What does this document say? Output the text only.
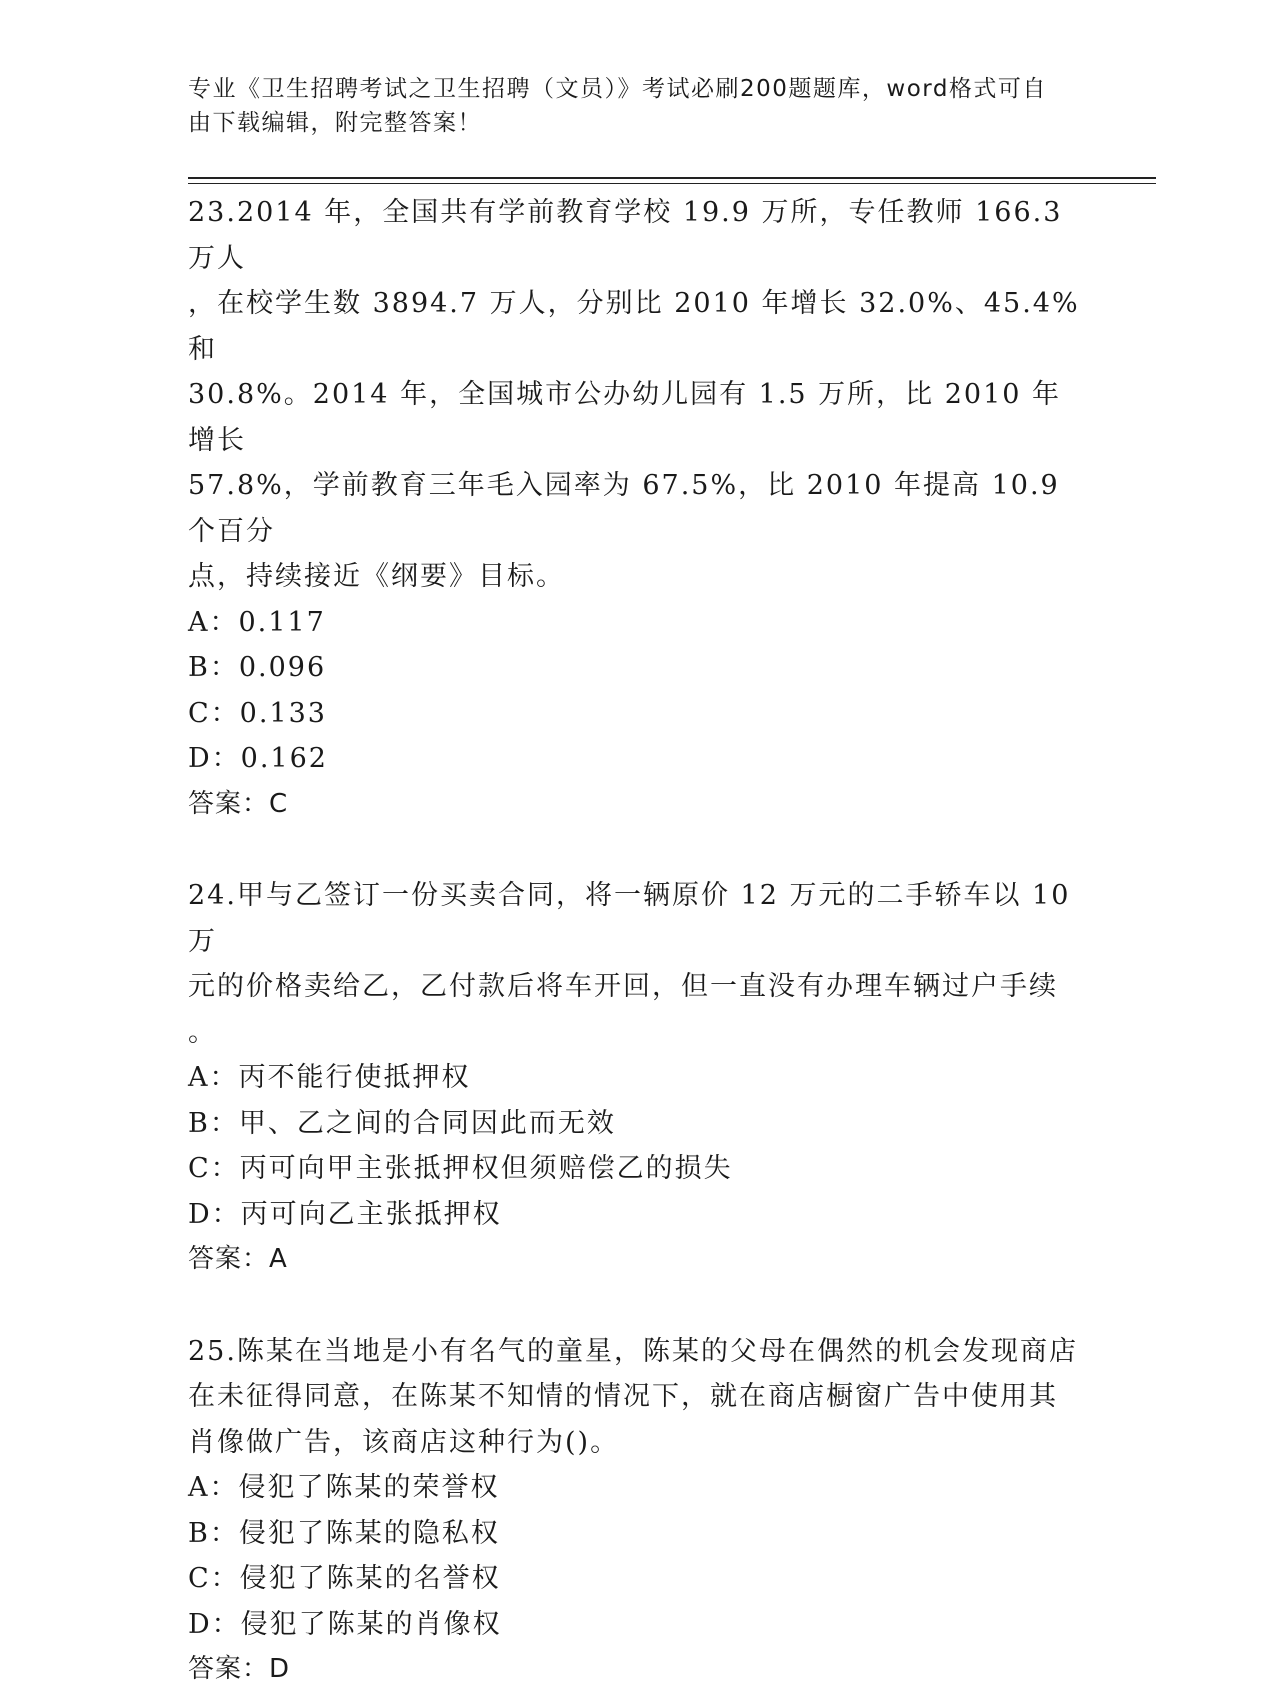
专业《卫生招聘考试之卫生招聘（文员）》考试必刷200题题库，word格式可自
由下载编辑，附完整答案！
23.2014 年，全国共有学前教育学校 19.9 万所，专任教师 166.3 万人
，在校学生数 3894.7 万人，分别比 2010 年增长 32.0%、45.4%和
30.8%。2014 年，全国城市公办幼儿园有 1.5 万所，比 2010 年增长
57.8%，学前教育三年毛入园率为 67.5%，比 2010 年提高 10.9 个百分
点，持续接近《纲要》目标。
A：0.117
B：0.096
C：0.133
D：0.162
答案：C
24.甲与乙签订一份买卖合同，将一辆原价 12 万元的二手轿车以 10 万
元的价格卖给乙，乙付款后将车开回，但一直没有办理车辆过户手续
。
A：丙不能行使抵押权
B：甲、乙之间的合同因此而无效
C：丙可向甲主张抵押权但须赔偿乙的损失
D：丙可向乙主张抵押权
答案：A
25.陈某在当地是小有名气的童星，陈某的父母在偶然的机会发现商店
在未征得同意，在陈某不知情的情况下，就在商店橱窗广告中使用其
肖像做广告，该商店这种行为()。
A：侵犯了陈某的荣誉权
B：侵犯了陈某的隐私权
C：侵犯了陈某的名誉权
D：侵犯了陈某的肖像权
答案：D
